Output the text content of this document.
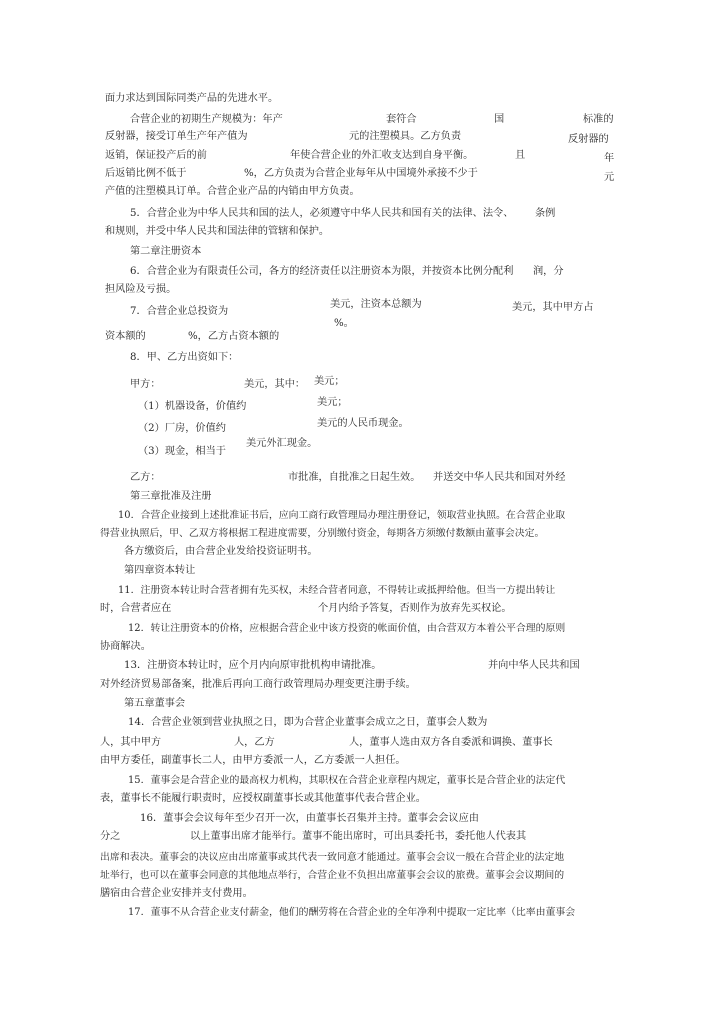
面力求达到国际同类产品的先进水平。
合营企业的初期生产规模为：年产	套符合	国	标准的
反射器，接受订单生产年产值为	元的注塑模具。乙方负责	反射器的
返销，保证投产后的前	年使合营企业的外汇收支达到自身平衡。	且	年
后返销比例不低于	%，乙方负责为合营企业每年从中国境外承接不少于	元
产值的注塑模具订单。合营企业产品的内销由甲方负责。
5．合营企业为中华人民共和国的法人，必须遵守中华人民共和国有关的法律、法令、 条例
和规则，并受中华人民共和国法律的管辖和保护。
第二章注册资本
6．合营企业为有限责任公司，各方的经济责任以注册资本为限，并按资本比例分配利 润，分
担风险及亏损。
美元，注资本总额为	美元，其中甲方占
7．合营企业总投资为
%。
资本额的	%，乙方占资本额的
8．甲、乙方出资如下：
甲方：	美元，其中： 美元；
美元；
（1）机器设备，价值约
美元的人民币现金。
（2）厂房，价值约
美元外汇现金。
（3）现金，相当于
乙方：	市批准，自批准之日起生效。 并送交中华人民共和国对外经
第三章批准及注册
10．合营企业接到上述批准证书后，应向工商行政管理局办理注册登记，领取营业执照。在合营企业取
得营业执照后，甲、乙双方将根据工程进度需要，分别缴付资金，每期各方须缴付数额由董事会决定。
各方缴资后，由合营企业发给投资证明书。
第四章资本转让
11．注册资本转让时合营者拥有先买权，未经合营者同意，不得转让或抵押给他。但当一方提出转让
时，合营者应在	个月内给予答复，否则作为放弃先买权论。
12．转让注册资本的价格，应根据合营企业中该方投资的帐面价值，由合营双方本着公平合理的原则
协商解决。
13．注册资本转让时，应个月内向原审批机构申请批准。	并向中华人民共和国
对外经济贸易部备案，批准后再向工商行政管理局办理变更注册手续。
第五章董事会
14．合营企业领到营业执照之日，即为合营企业董事会成立之日，董事会人数为
人，其中甲方	人，乙方	人，董事人选由双方各自委派和调换、董事长
由甲方委任，副董事长二人，由甲方委派一人，乙方委派一人担任。
15．董事会是合营企业的最高权力机构，其职权在合营企业章程内规定，董事长是合营企业的法定代
表，董事长不能履行职责时，应授权副董事长或其他董事代表合营企业。
16．董事会会议每年至少召开一次，由董事长召集并主持。董事会会议应由
分之	以上董事出席才能举行。董事不能出席时，可出具委托书，委托他人代表其
出席和表决。董事会的决议应由出席董事或其代表一致同意才能通过。董事会会议一般在合营企业的法定地
址举行，也可以在董事会同意的其他地点举行，合营企业不负担出席董事会会议的旅费。董事会会议期间的
膳宿由合营企业安排并支付费用。
17．董事不从合营企业支付薪金，他们的酬劳将在合营企业的全年净利中提取一定比率（比率由董事会
